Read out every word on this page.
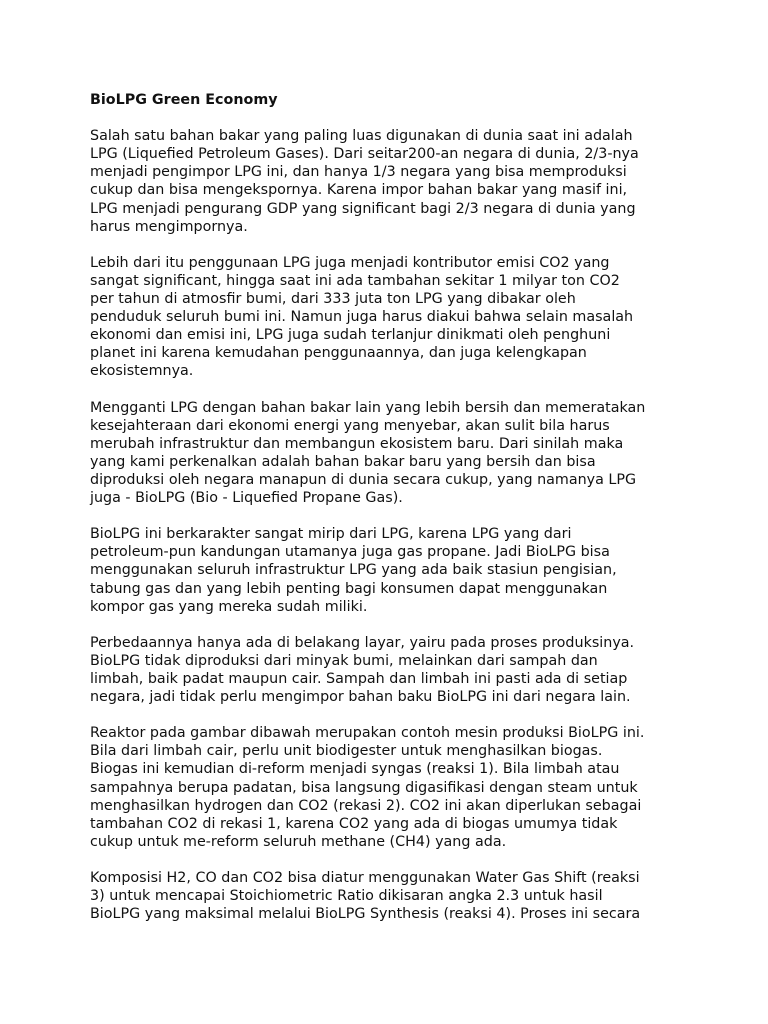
BioLPG Green Economy
Salah satu bahan bakar yang paling luas digunakan di dunia saat ini adalah
LPG (Liquefied Petroleum Gases). Dari seitar200-an negara di dunia, 2/3-nya
menjadi pengimpor LPG ini, dan hanya 1/3 negara yang bisa memproduksi
cukup dan bisa mengekspornya. Karena impor bahan bakar yang masif ini,
LPG menjadi pengurang GDP yang significant bagi 2/3 negara di dunia yang
harus mengimpornya.
Lebih dari itu penggunaan LPG juga menjadi kontributor emisi CO2 yang
sangat significant, hingga saat ini ada tambahan sekitar 1 milyar ton CO2
per tahun di atmosfir bumi, dari 333 juta ton LPG yang dibakar oleh
penduduk seluruh bumi ini. Namun juga harus diakui bahwa selain masalah
ekonomi dan emisi ini, LPG juga sudah terlanjur dinikmati oleh penghuni
planet ini karena kemudahan penggunaannya, dan juga kelengkapan
ekosistemnya.
Mengganti LPG dengan bahan bakar lain yang lebih bersih dan memeratakan
kesejahteraan dari ekonomi energi yang menyebar, akan sulit bila harus
merubah infrastruktur dan membangun ekosistem baru. Dari sinilah maka
yang kami perkenalkan adalah bahan bakar baru yang bersih dan bisa
diproduksi oleh negara manapun di dunia secara cukup, yang namanya LPG
juga - BioLPG (Bio - Liquefied Propane Gas).
BioLPG ini berkarakter sangat mirip dari LPG, karena LPG yang dari
petroleum-pun kandungan utamanya juga gas propane. Jadi BioLPG bisa
menggunakan seluruh infrastruktur LPG yang ada baik stasiun pengisian,
tabung gas dan yang lebih penting bagi konsumen dapat menggunakan
kompor gas yang mereka sudah miliki.
Perbedaannya hanya ada di belakang layar, yairu pada proses produksinya.
BioLPG tidak diproduksi dari minyak bumi, melainkan dari sampah dan
limbah, baik padat maupun cair. Sampah dan limbah ini pasti ada di setiap
negara, jadi tidak perlu mengimpor bahan baku BioLPG ini dari negara lain.
Reaktor pada gambar dibawah merupakan contoh mesin produksi BioLPG ini.
Bila dari limbah cair, perlu unit biodigester untuk menghasilkan biogas.
Biogas ini kemudian di-reform menjadi syngas (reaksi 1). Bila limbah atau
sampahnya berupa padatan, bisa langsung digasifikasi dengan steam untuk
menghasilkan hydrogen dan CO2 (rekasi 2). CO2 ini akan diperlukan sebagai
tambahan CO2 di rekasi 1, karena CO2 yang ada di biogas umumya tidak
cukup untuk me-reform seluruh methane (CH4) yang ada.
Komposisi H2, CO dan CO2 bisa diatur menggunakan Water Gas Shift (reaksi
3) untuk mencapai Stoichiometric Ratio dikisaran angka 2.3 untuk hasil
BioLPG yang maksimal melalui BioLPG Synthesis (reaksi 4). Proses ini secara
